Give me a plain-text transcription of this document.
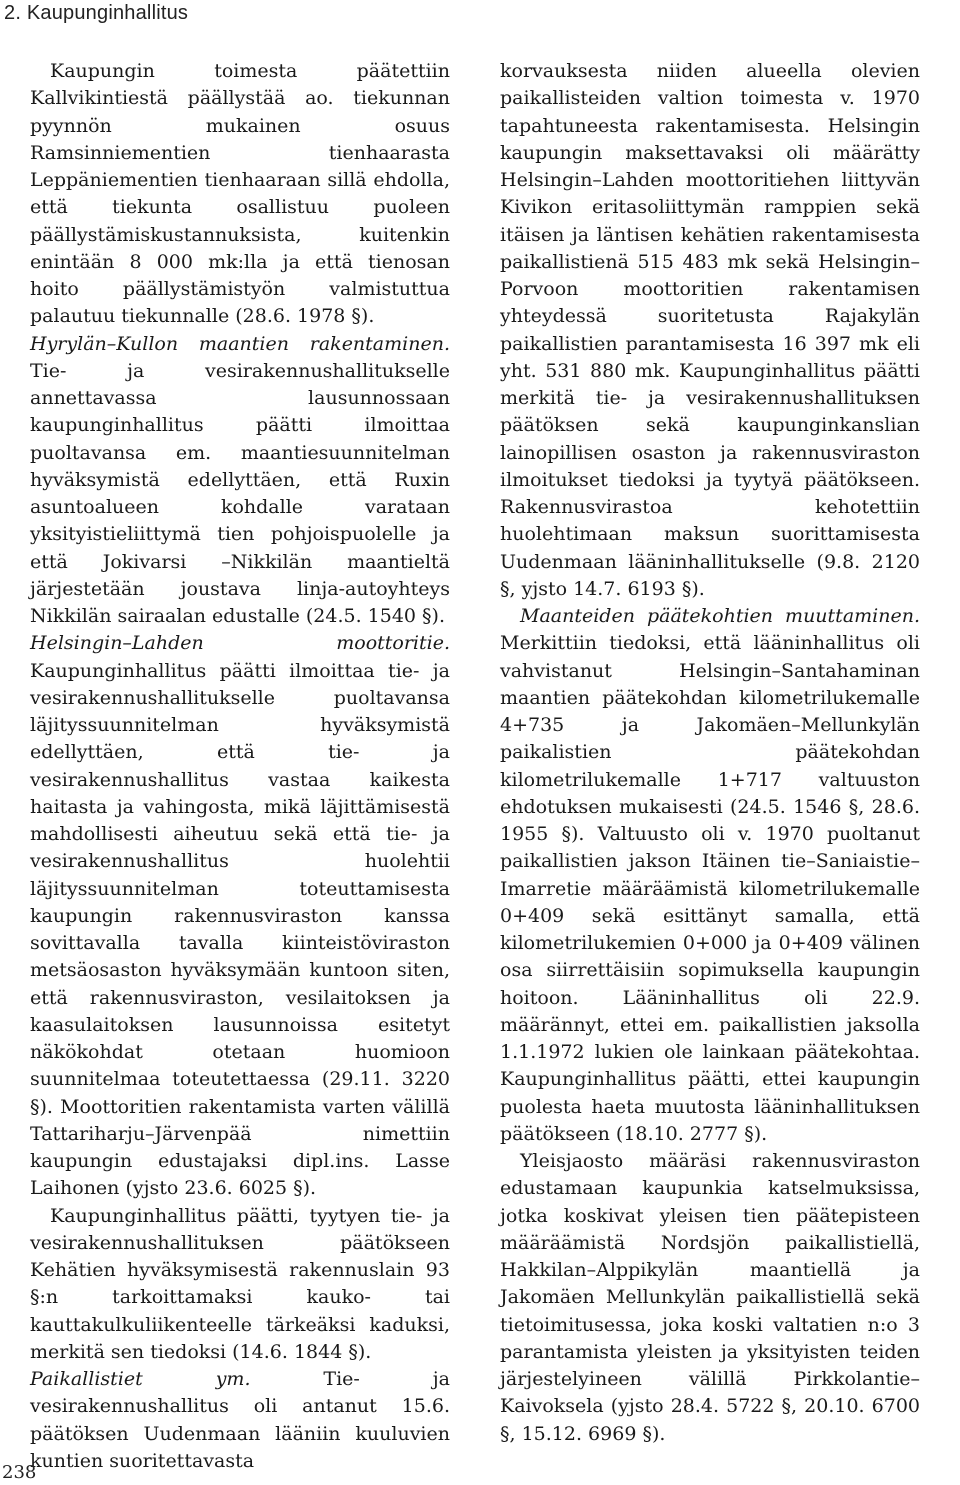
2. Kaupunginhallitus

Kaupungin toimesta päätettiin Kallvikintiestä päällystää ao. tiekunnan pyynnön mukainen osuus Ramsinniementien tienhaarasta Leppäniementien tienhaaraan sillä ehdolla, että tiekunta osallistuu puoleen päällystämiskustannuksista, kuitenkin enintään 8 000 mk:lla ja että tienosan hoito päällystämistyön valmistuttua palautuu tiekunnalle (28.6. 1978 §).

Hyrylän–Kullon maantien rakentaminen. Tie- ja vesirakennushallitukselle annettavassa lausunnossaan kaupunginhallitus päätti ilmoittaa puoltavansa em. maantiesuunnitelman hyväksymistä edellyttäen, että Ruxin asuntoalueen kohdalle varataan yksityistieliittymä tien pohjoispuolelle ja että Jokivarsi –Nikkilän maantieltä järjestetään joustava linja-autoyhteys Nikkilän sairaalan edustalle (24.5. 1540 §).

Helsingin–Lahden moottoritie. Kaupunginhallitus päätti ilmoittaa tie- ja vesirakennushallitukselle puoltavansa läjityssuunnitelman hyväksymistä edellyttäen, että tie- ja vesirakennushallitus vastaa kaikesta haitasta ja vahingosta, mikä läjittämisestä mahdollisesti aiheutuu sekä että tie- ja vesirakennushallitus huolehtii läjityssuunnitelman toteuttamisesta kaupungin rakennusviraston kanssa sovittavalla tavalla kiinteistöviraston metsäosaston hyväksymään kuntoon siten, että rakennusviraston, vesilaitoksen ja kaasulaitoksen lausunnoissa esitetyt näkökohdat otetaan huomioon suunnitelmaa toteutettaessa (29.11. 3220 §). Moottoritien rakentamista varten välillä Tattariharju–Järvenpää nimettiin kaupungin edustajaksi dipl.ins. Lasse Laihonen (yjsto 23.6. 6025 §).

Kaupunginhallitus päätti, tyytyen tie- ja vesirakennushallituksen päätökseen Kehätien hyväksymisestä rakennuslain 93 §:n tarkoittamaksi kauko- tai kauttakulkuliikenteelle tärkeäksi kaduksi, merkitä sen tiedoksi (14.6. 1844 §).

Paikallistiet ym. Tie- ja vesirakennushallitus oli antanut 15.6. päätöksen Uudenmaan lääniin kuuluvien kuntien suoritettavasta

korvauksesta niiden alueella olevien paikallisteiden valtion toimesta v. 1970 tapahtuneesta rakentamisesta. Helsingin kaupungin maksettavaksi oli määrätty Helsingin–Lahden moottoritiehen liittyvän Kivikon eritasoliittymän ramppien sekä itäisen ja läntisen kehätien rakentamisesta paikallistienä 515 483 mk sekä Helsingin–Porvoon moottoritien rakentamisen yhteydessä suoritetusta Rajakylän paikallistien parantamisesta 16 397 mk eli yht. 531 880 mk. Kaupunginhallitus päätti merkitä tie- ja vesirakennushallituksen päätöksen sekä kaupunginkanslian lainopillisen osaston ja rakennusviraston ilmoitukset tiedoksi ja tyytyä päätökseen. Rakennusvirastoa kehotettiin huolehtimaan maksun suorittamisesta Uudenmaan lääninhallitukselle (9.8. 2120 §, yjsto 14.7. 6193 §).

Maanteiden päätekohtien muuttaminen. Merkittiin tiedoksi, että lääninhallitus oli vahvistanut Helsingin–Santahaminan maantien päätekohdan kilometrilukemalle 4+735 ja Jakomäen–Mellunkylän paikalistien päätekohdan kilometrilukemalle 1+717 valtuuston ehdotuksen mukaisesti (24.5. 1546 §, 28.6. 1955 §). Valtuusto oli v. 1970 puoltanut paikallistien jakson Itäinen tie–Saniaistie–Imarretie määräämistä kilometrilukemalle 0+409 sekä esittänyt samalla, että kilometrilukemien 0+000 ja 0+409 välinen osa siirrettäisiin sopimuksella kaupungin hoitoon. Lääninhallitus oli 22.9. määrännyt, ettei em. paikallistien jaksolla 1.1.1972 lukien ole lainkaan päätekohtaa. Kaupunginhallitus päätti, ettei kaupungin puolesta haeta muutosta lääninhallituksen päätökseen (18.10. 2777 §).

Yleisjaosto määräsi rakennusviraston edustamaan kaupunkia katselmuksissa, jotka koskivat yleisen tien päätepisteen määräämistä Nordsjön paikallistiellä, Hakkilan–Alppikylän maantiellä ja Jakomäen Mellunkylän paikallistiellä sekä tietoimitusessa, joka koski valtatien n:o 3 parantamista yleisten ja yksityisten teiden järjestelyineen välillä Pirkkolantie–Kaivoksela (yjsto 28.4. 5722 §, 20.10. 6700 §, 15.12. 6969 §).

238
